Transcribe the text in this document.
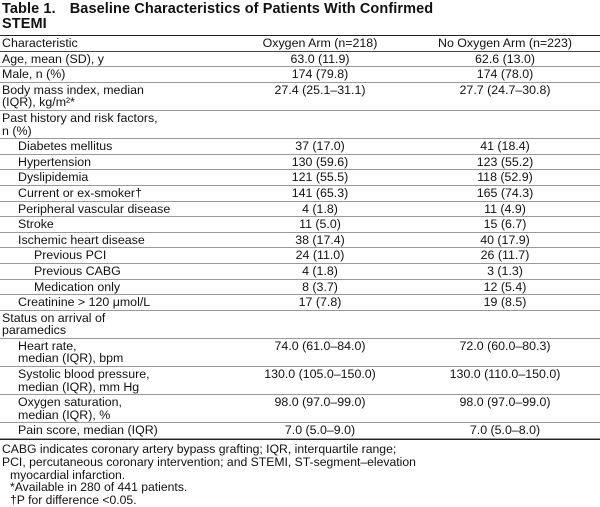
Table 1. Baseline Characteristics of Patients With Confirmed
STEMI
Characteristic	Oxygen Arm (n=218)	No Oxygen Arm (n=223)

Age, mean (SD), y	63.0 (11.9)	62.6 (13.0)

Male, n (%)	174 (79.8)	174 (78.0)

Body mass index, median
(IQR), kg/m²*	27.4 (25.1–31.1)	27.7 (24.7–30.8)

Past history and risk factors,
n (%)		

Diabetes mellitus	37 (17.0)	41 (18.4)

Hypertension	130 (59.6)	123 (55.2)

Dyslipidemia	121 (55.5)	118 (52.9)

Current or ex-smoker†	141 (65.3)	165 (74.3)

Peripheral vascular disease	4 (1.8)	11 (4.9)

Stroke	11 (5.0)	15 (6.7)

Ischemic heart disease	38 (17.4)	40 (17.9)

Previous PCI	24 (11.0)	26 (11.7)

Previous CABG	4 (1.8)	3 (1.3)

Medication only	8 (3.7)	12 (5.4)

Creatinine > 120 μmol/L	17 (7.8)	19 (8.5)

Status on arrival of
paramedics		

Heart rate,
median (IQR), bpm	74.0 (61.0–84.0)	72.0 (60.0–80.3)

Systolic blood pressure,
median (IQR), mm Hg	130.0 (105.0–150.0)	130.0 (110.0–150.0)

Oxygen saturation,
median (IQR), %	98.0 (97.0–99.0)	98.0 (97.0–99.0)

Pain score, median (IQR)	7.0 (5.0–9.0)	7.0 (5.0–8.0)

CABG indicates coronary artery bypass grafting; IQR, interquartile range;

PCI, percutaneous coronary intervention; and STEMI, ST-segment–elevation

myocardial infarction.

*Available in 280 of 441 patients.

†P for difference <0.05.
